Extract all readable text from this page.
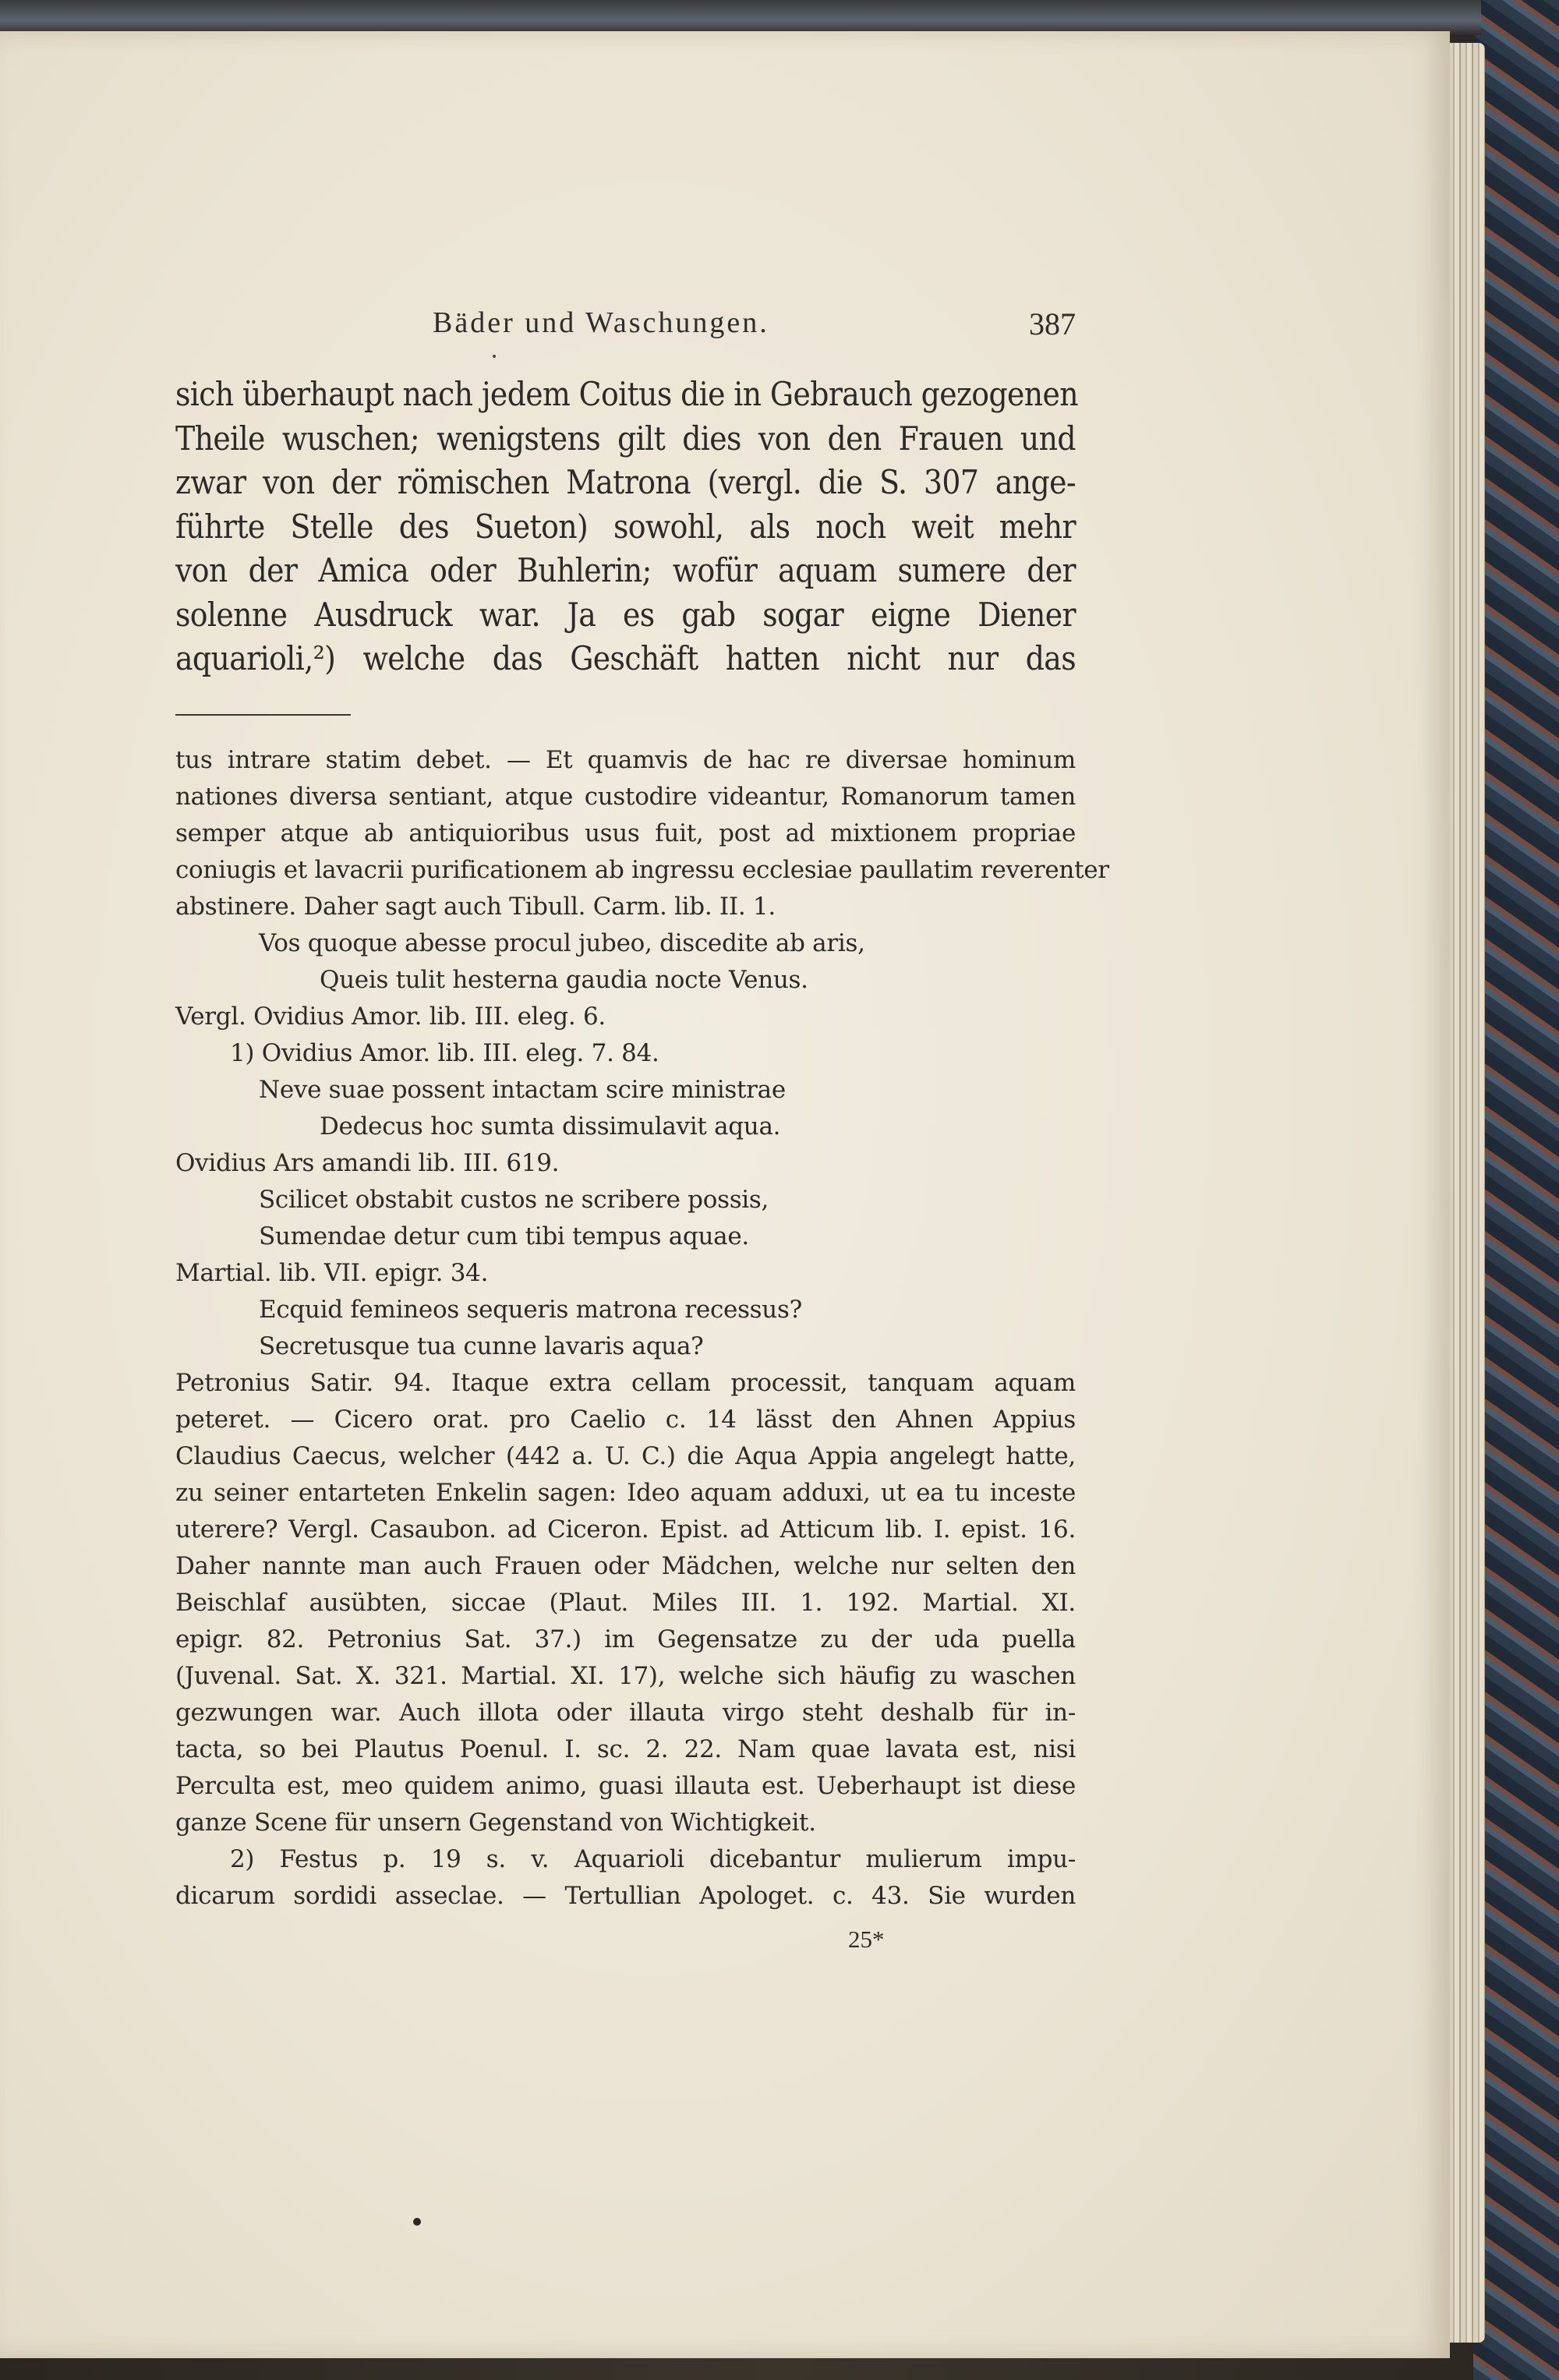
Bäder und Waschungen.	387
sich überhaupt nach jedem Coitus die in Gebrauch gezogenen
Theile wuschen; wenigstens gilt dies von den Frauen und
zwar von der römischen Matrona (vergl. die S. 307 ange-
führte Stelle des Sueton) sowohl, als noch weit mehr
von der Amica oder Buhlerin; wofür aquam sumere der
solenne Ausdruck war. Ja es gab sogar eigne Diener
aquarioli,²) welche das Geschäft hatten nicht nur das
tus intrare statim debet. — Et quamvis de hac re diversae hominum
nationes diversa sentiant, atque custodire videantur, Romanorum tamen
semper atque ab antiquioribus usus fuit, post ad mixtionem propriae
coniugis et lavacrii purificationem ab ingressu ecclesiae paullatim reverenter
abstinere. Daher sagt auch Tibull. Carm. lib. II. 1.
Vos quoque abesse procul jubeo, discedite ab aris,
Queis tulit hesterna gaudia nocte Venus.
Vergl. Ovidius Amor. lib. III. eleg. 6.
1) Ovidius Amor. lib. III. eleg. 7. 84.
Neve suae possent intactam scire ministrae
Dedecus hoc sumta dissimulavit aqua.
Ovidius Ars amandi lib. III. 619.
Scilicet obstabit custos ne scribere possis,
Sumendae detur cum tibi tempus aquae.
Martial. lib. VII. epigr. 34.
Ecquid femineos sequeris matrona recessus?
Secretusque tua cunne lavaris aqua?
Petronius Satir. 94. Itaque extra cellam processit, tanquam aquam
peteret. — Cicero orat. pro Caelio c. 14 lässt den Ahnen Appius
Claudius Caecus, welcher (442 a. U. C.) die Aqua Appia angelegt hatte,
zu seiner entarteten Enkelin sagen: Ideo aquam adduxi, ut ea tu inceste
uterere? Vergl. Casaubon. ad Ciceron. Epist. ad Atticum lib. I. epist. 16.
Daher nannte man auch Frauen oder Mädchen, welche nur selten den
Beischlaf ausübten, siccae (Plaut. Miles III. 1. 192. Martial. XI.
epigr. 82. Petronius Sat. 37.) im Gegensatze zu der uda puella
(Juvenal. Sat. X. 321. Martial. XI. 17), welche sich häufig zu waschen
gezwungen war. Auch illota oder illauta virgo steht deshalb für in-
tacta, so bei Plautus Poenul. I. sc. 2. 22. Nam quae lavata est, nisi
Perculta est, meo quidem animo, guasi illauta est. Ueberhaupt ist diese
ganze Scene für unsern Gegenstand von Wichtigkeit.
2) Festus p. 19 s. v. Aquarioli dicebantur mulierum impu-
dicarum sordidi asseclae. — Tertullian Apologet. c. 43. Sie wurden
25*
